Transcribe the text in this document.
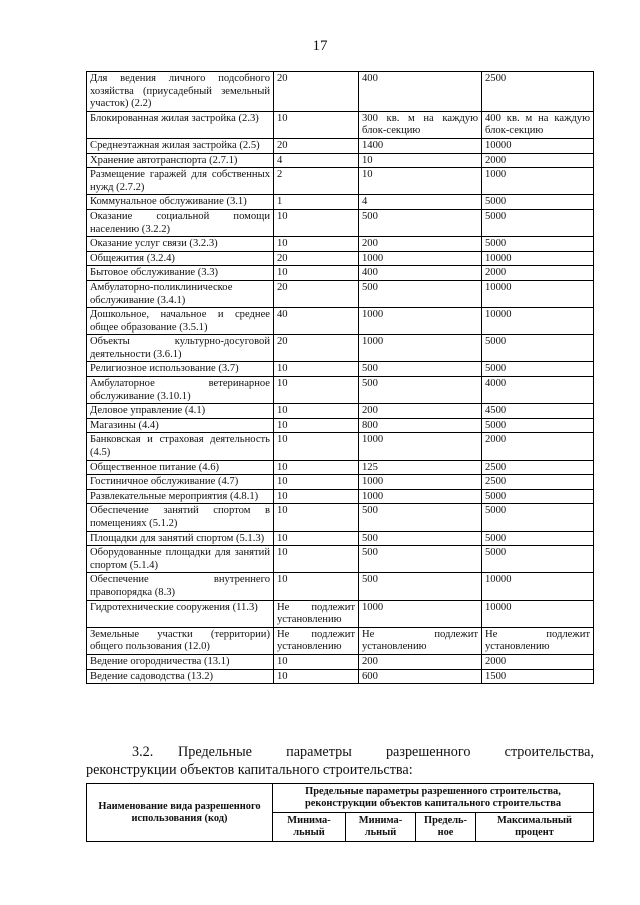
17
Для ведения личного подсобного хозяйства (приусадебный земельный участок) (2.2)	20	400	2500
Блокированная жилая застройка (2.3)	10	300 кв. м на каждую блок-секцию	400 кв. м на каждую блок-секцию
Среднеэтажная жилая застройка (2.5)	20	1400	10000
Хранение автотранспорта (2.7.1)	4	10	2000
Размещение гаражей для собственных нужд (2.7.2)	2	10	1000
Коммунальное обслуживание (3.1)	1	4	5000
Оказание социальной помощи населению (3.2.2)	10	500	5000
Оказание услуг связи (3.2.3)	10	200	5000
Общежития (3.2.4)	20	1000	10000
Бытовое обслуживание (3.3)	10	400	2000
Амбулаторно-поликлиническое обслуживание (3.4.1)	20	500	10000
Дошкольное, начальное и среднее общее образование (3.5.1)	40	1000	10000
Объекты культурно-досуговой деятельности (3.6.1)	20	1000	5000
Религиозное использование (3.7)	10	500	5000
Амбулаторное ветеринарное обслуживание (3.10.1)	10	500	4000
Деловое управление (4.1)	10	200	4500
Магазины (4.4)	10	800	5000
Банковская и страховая деятельность (4.5)	10	1000	2000
Общественное питание (4.6)	10	125	2500
Гостиничное обслуживание (4.7)	10	1000	2500
Развлекательные мероприятия (4.8.1)	10	1000	5000
Обеспечение занятий спортом в помещениях (5.1.2)	10	500	5000
Площадки для занятий спортом (5.1.3)	10	500	5000
Оборудованные площадки для занятий спортом (5.1.4)	10	500	5000
Обеспечение внутреннего правопорядка (8.3)	10	500	10000
Гидротехнические сооружения (11.3)	Не подлежит установлению	1000	10000
Земельные участки (территории) общего пользования (12.0)	Не подлежит установлению	Не подлежит установлению	Не подлежит установлению
Ведение огородничества (13.1)	10	200	2000
Ведение садоводства (13.2)	10	600	1500
3.2. Предельные параметры разрешенного строительства, реконструкции объектов капитального строительства:
Наименование вида разрешенного использования (код)	Предельные параметры разрешенного строительства, реконструкции объектов капитального строительства			
	Минима-льный	Минима-льный	Предель-ное	Максимальный процент
